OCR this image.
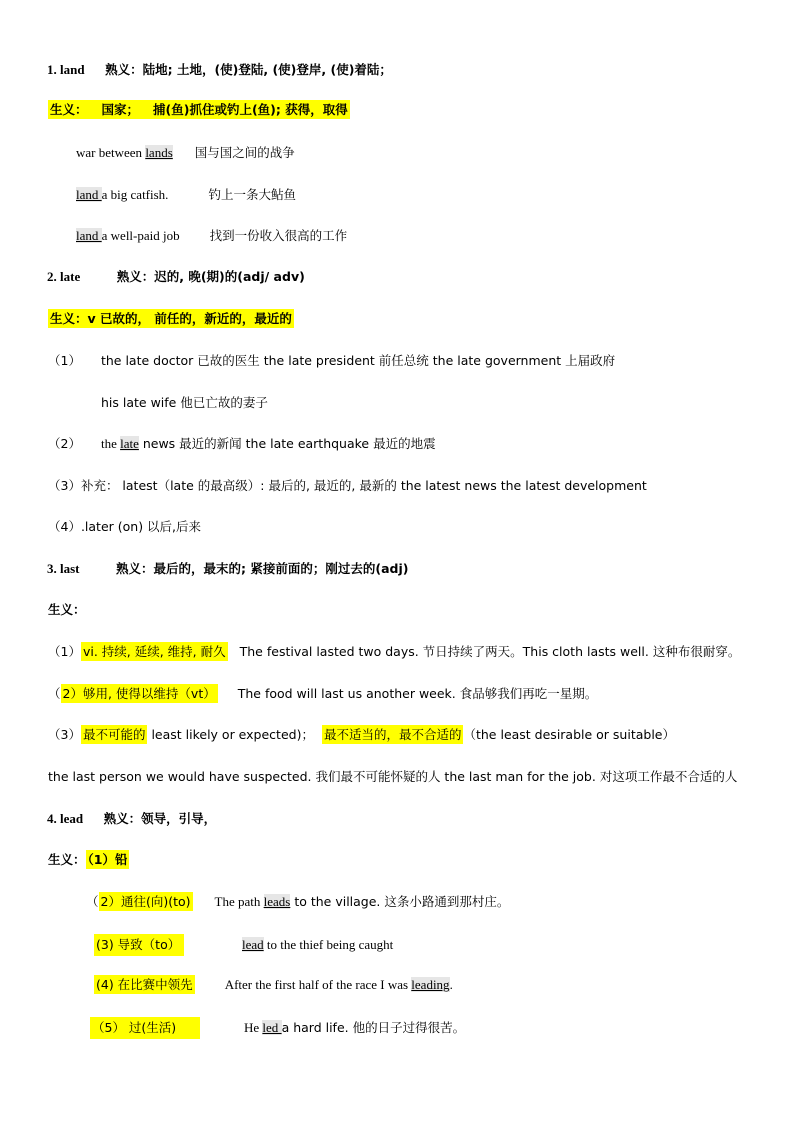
1. land 熟义：陆地; 土地，(使)登陆, (使)登岸, (使)着陆；
生义： 国家； 捕(鱼)抓住或钓上(鱼); 获得，取得
war between lands 国与国之间的战争
land a big catfish.	钓上一条大鲇鱼
land a well-paid job 找到一份收入很高的工作
2. late	熟义：迟的, 晚(期)的(adj/ adv)
生义：v 已故的， 前任的，新近的，最近的
（1） the late doctor 已故的医生 the late president 前任总统 the late government 上届政府
his late wife 他已亡故的妻子
（2） the late news 最近的新闻 the late earthquake 最近的地震
（3）补充： latest（late 的最高级）: 最后的, 最近的, 最新的 the latest news the latest development
（4）.later (on) 以后,后来
3. last	熟义：最后的，最末的; 紧接前面的；刚过去的(adj)
生义：
（1） vi. 持续, 延续, 维持, 耐久 The festival lasted two days. 节日持续了两天。This cloth lasts well. 这种布很耐穿。
（ 2）够用, 使得以维持（vt） The food will last us another week. 食品够我们再吃一星期。
（3） 最不可能的 least likely or expected)； 最不适当的，最不合适的 （the least desirable or suitable）
the last person we would have suspected. 我们最不可能怀疑的人 the last man for the job. 对这项工作最不合适的人
4. lead 熟义：领导，引导，
生义： （1）铅
（ 2）通往(向)(to) The path leads to the village. 这条小路通到那村庄。
(3) 导致（to）	lead to the thief being caught
(4) 在比赛中领先 After the first half of the race I was leading.
（5） 过(生活)	He led a hard life. 他的日子过得很苦。
